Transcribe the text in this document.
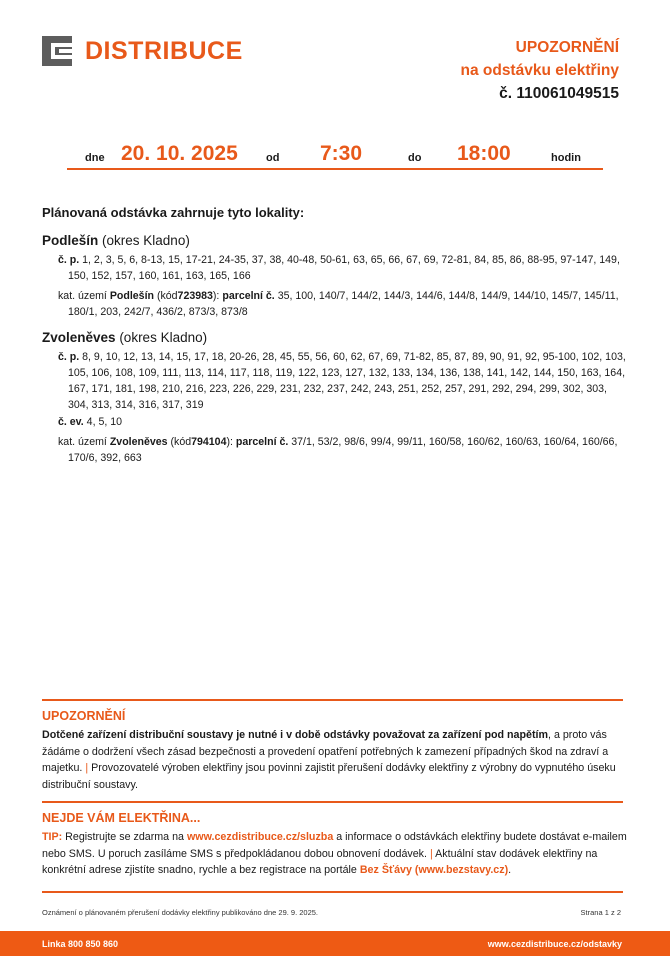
DISTRIBUCE	UPOZORNĚNÍ
na odstávku elektřiny
č. 110061049515
dne 20. 10. 2025	od 7:30	do 18:00	hodin
Plánovaná odstávka zahrnuje tyto lokality:
Podlešín (okres Kladno)
č. p. 1, 2, 3, 5, 6, 8-13, 15, 17-21, 24-35, 37, 38, 40-48, 50-61, 63, 65, 66, 67, 69, 72-81, 84, 85, 86, 88-95, 97-147, 149, 150, 152, 157, 160, 161, 163, 165, 166
kat. území Podlešín (kód723983): parcelní č. 35, 100, 140/7, 144/2, 144/3, 144/6, 144/8, 144/9, 144/10, 145/7, 145/11, 180/1, 203, 242/7, 436/2, 873/3, 873/8
Zvoleněves (okres Kladno)
č. p. 8, 9, 10, 12, 13, 14, 15, 17, 18, 20-26, 28, 45, 55, 56, 60, 62, 67, 69, 71-82, 85, 87, 89, 90, 91, 92, 95-100, 102, 103, 105, 106, 108, 109, 111, 113, 114, 117, 118, 119, 122, 123, 127, 132, 133, 134, 136, 138, 141, 142, 144, 150, 163, 164, 167, 171, 181, 198, 210, 216, 223, 226, 229, 231, 232, 237, 242, 243, 251, 252, 257, 291, 292, 294, 299, 302, 303, 304, 313, 314, 316, 317, 319
č. ev. 4, 5, 10
kat. území Zvoleněves (kód794104): parcelní č. 37/1, 53/2, 98/6, 99/4, 99/11, 160/58, 160/62, 160/63, 160/64, 160/66, 170/6, 392, 663
UPOZORNĚNÍ
Dotčené zařízení distribuční soustavy je nutné i v době odstávky považovat za zařízení pod napětím, a proto vás žádáme o dodržení všech zásad bezpečnosti a provedení opatření potřebných k zamezení případných škod na zdraví a majetku. | Provozovatelé výroben elektřiny jsou povinni zajistit přerušení dodávky elektřiny z výrobny do vypnutého úseku distribuční soustavy.
NEJDE VÁM ELEKTŘINA...
TIP: Registrujte se zdarma na www.cezdistribuce.cz/sluzba a informace o odstávkách elektřiny budete dostávat e-mailem nebo SMS. U poruch zasíláme SMS s předpokládanou dobou obnovení dodávek. | Aktuální stav dodávek elektřiny na konkrétní adrese zjistíte snadno, rychle a bez registrace na portále Bez Šťávy (www.bezstavy.cz).
Oznámení o plánovaném přerušení dodávky elektřiny publikováno dne 29. 9. 2025.	Strana 1 z 2
Linka 800 850 860	www.cezdistribuce.cz/odstavky
